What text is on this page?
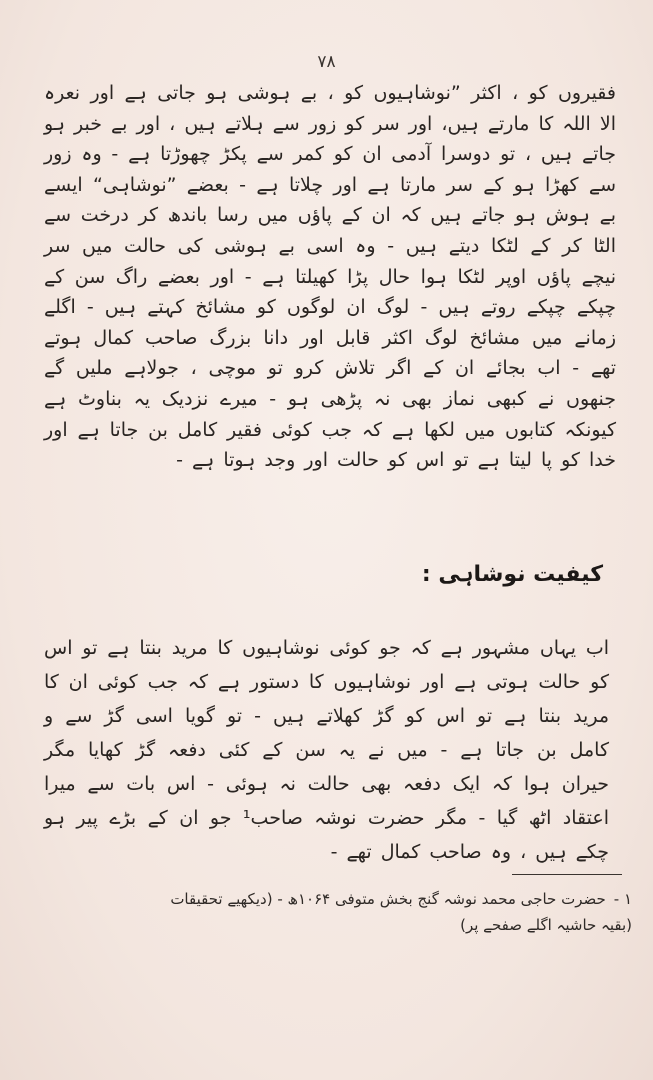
۷۸

فقیروں کو ، اکثر ”نوشاہیوں کو ، بے ہوشی ہو جاتی ہے اور نعرہ الا اللہ کا مارتے ہیں، اور سر کو زور سے ہلاتے ہیں ، اور بے خبر ہو جاتے ہیں ، تو دوسرا آدمی ان کو کمر سے پکڑ چھوڑتا ہے - وہ زور سے کھڑا ہو کے سر مارتا ہے اور چلاتا ہے - بعضے ”نوشاہی“ ایسے بے ہوش ہو جاتے ہیں کہ ان کے پاؤں میں رسا باندھ کر درخت سے الٹا کر کے لٹکا دیتے ہیں - وہ اسی بے ہوشی کی حالت میں سر نیچے پاؤں اوپر لٹکا ہوا حال پڑا کھیلتا ہے - اور بعضے راگ سن کے چپکے چپکے روتے ہیں - لوگ ان لوگوں کو مشائخ کہتے ہیں - اگلے زمانے میں مشائخ لوگ اکثر قابل اور دانا بزرگ صاحب کمال ہوتے تھے - اب بجائے ان کے اگر تلاش کرو تو موچی ، جولاہے ملیں گے جنھوں نے کبھی نماز بھی نہ پڑھی ہو - میرے نزدیک یہ بناوٹ ہے کیونکہ کتابوں میں لکھا ہے کہ جب کوئی فقیر کامل بن جاتا ہے اور خدا کو پا لیتا ہے تو اس کو حالت اور وجد ہوتا ہے -

کیفیت نوشاہی :

اب یہاں مشہور ہے کہ جو کوئی نوشاہیوں کا مرید بنتا ہے تو اس کو حالت ہوتی ہے اور نوشاہیوں کا دستور ہے کہ جب کوئی ان کا مرید بنتا ہے تو اس کو گڑ کھلاتے ہیں - تو گویا اسی گڑ سے و کامل بن جاتا ہے - میں نے یہ سن کے کئی دفعہ گڑ کھایا مگر حیران ہوا کہ ایک دفعہ بھی حالت نہ ہوئی - اس بات سے میرا اعتقاد اٹھ گیا - مگر حضرت نوشہ صاحب¹ جو ان کے بڑے پیر ہو چکے ہیں ، وہ صاحب کمال تھے -

۱ -حضرت حاجی محمد نوشہ گنج بخش متوفی ۱۰۶۴ھ - (دیکھیے تحقیقات
(بقیہ حاشیہ اگلے صفحے پر)
